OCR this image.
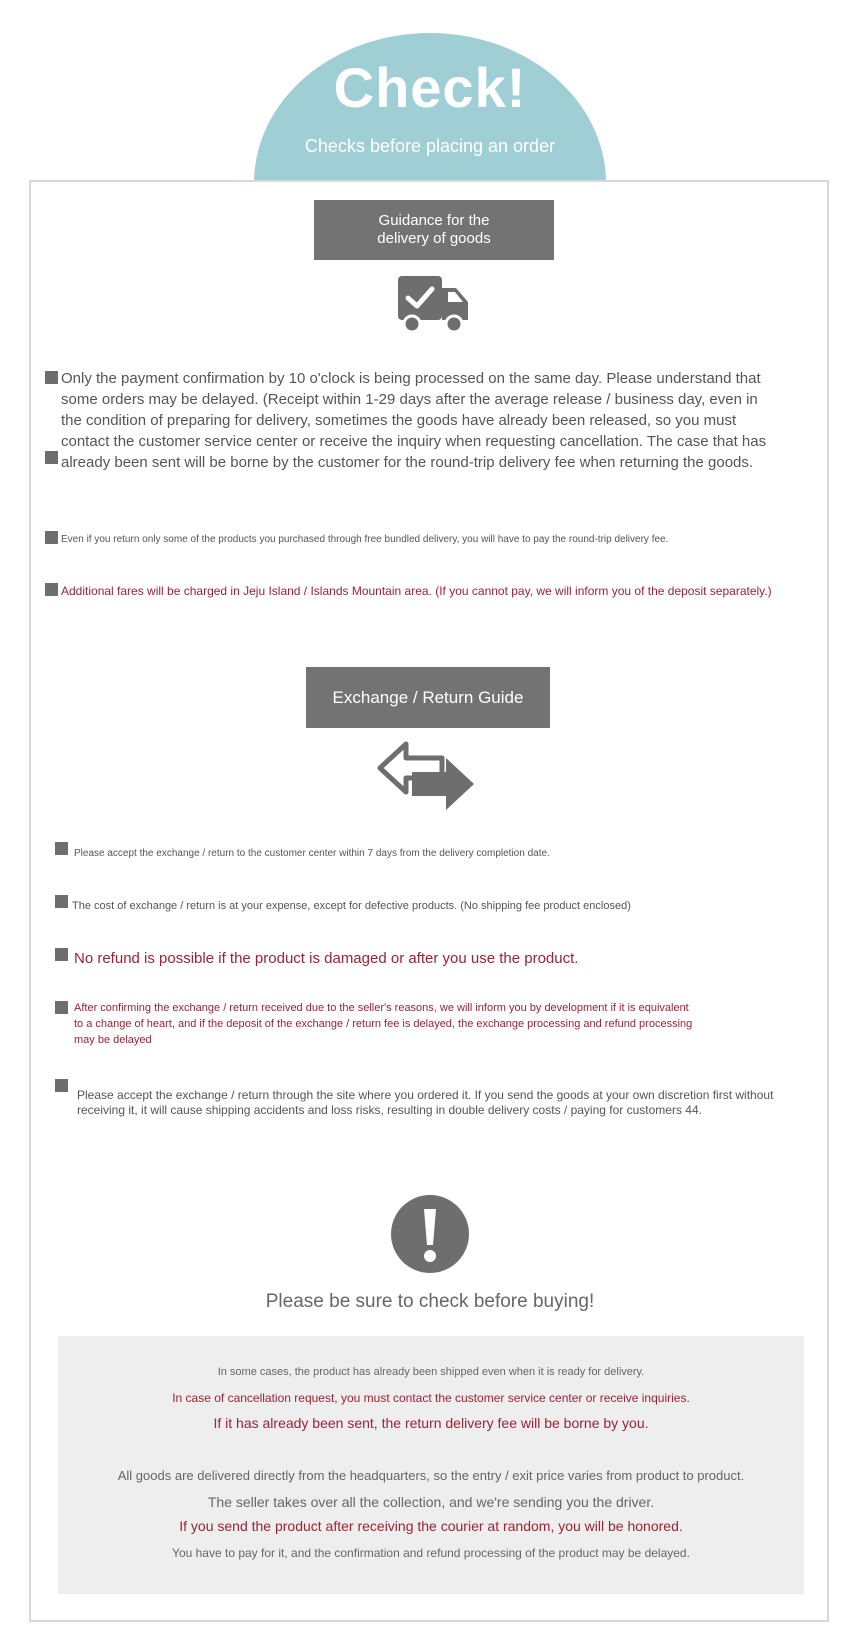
Check!
Checks before placing an order
Guidance for the
delivery of goods
Only the payment confirmation by 10 o'clock is being processed on the same day. Please understand that some orders may be delayed. (Receipt within 1-29 days after the average release / business day, even in the condition of preparing for delivery, sometimes the goods have already been released, so you must contact the customer service center or receive the inquiry when requesting cancellation. The case that has already been sent will be borne by the customer for the round-trip delivery fee when returning the goods.
Even if you return only some of the products you purchased through free bundled delivery, you will have to pay the round-trip delivery fee.
Additional fares will be charged in Jeju Island / Islands Mountain area. (If you cannot pay, we will inform you of the deposit separately.)
Exchange / Return Guide
Please accept the exchange / return to the customer center within 7 days from the delivery completion date.
The cost of exchange / return is at your expense, except for defective products. (No shipping fee product enclosed)
No refund is possible if the product is damaged or after you use the product.
After confirming the exchange / return received due to the seller's reasons, we will inform you by development if it is equivalent to a change of heart, and if the deposit of the exchange / return fee is delayed, the exchange processing and refund processing may be delayed
Please accept the exchange / return through the site where you ordered it. If you send the goods at your own discretion first without receiving it, it will cause shipping accidents and loss risks, resulting in double delivery costs / paying for customers 44.
Please be sure to check before buying!
In some cases, the product has already been shipped even when it is ready for delivery.
In case of cancellation request, you must contact the customer service center or receive inquiries.
If it has already been sent, the return delivery fee will be borne by you.
All goods are delivered directly from the headquarters, so the entry / exit price varies from product to product.
The seller takes over all the collection, and we're sending you the driver.
If you send the product after receiving the courier at random, you will be honored.
You have to pay for it, and the confirmation and refund processing of the product may be delayed.
